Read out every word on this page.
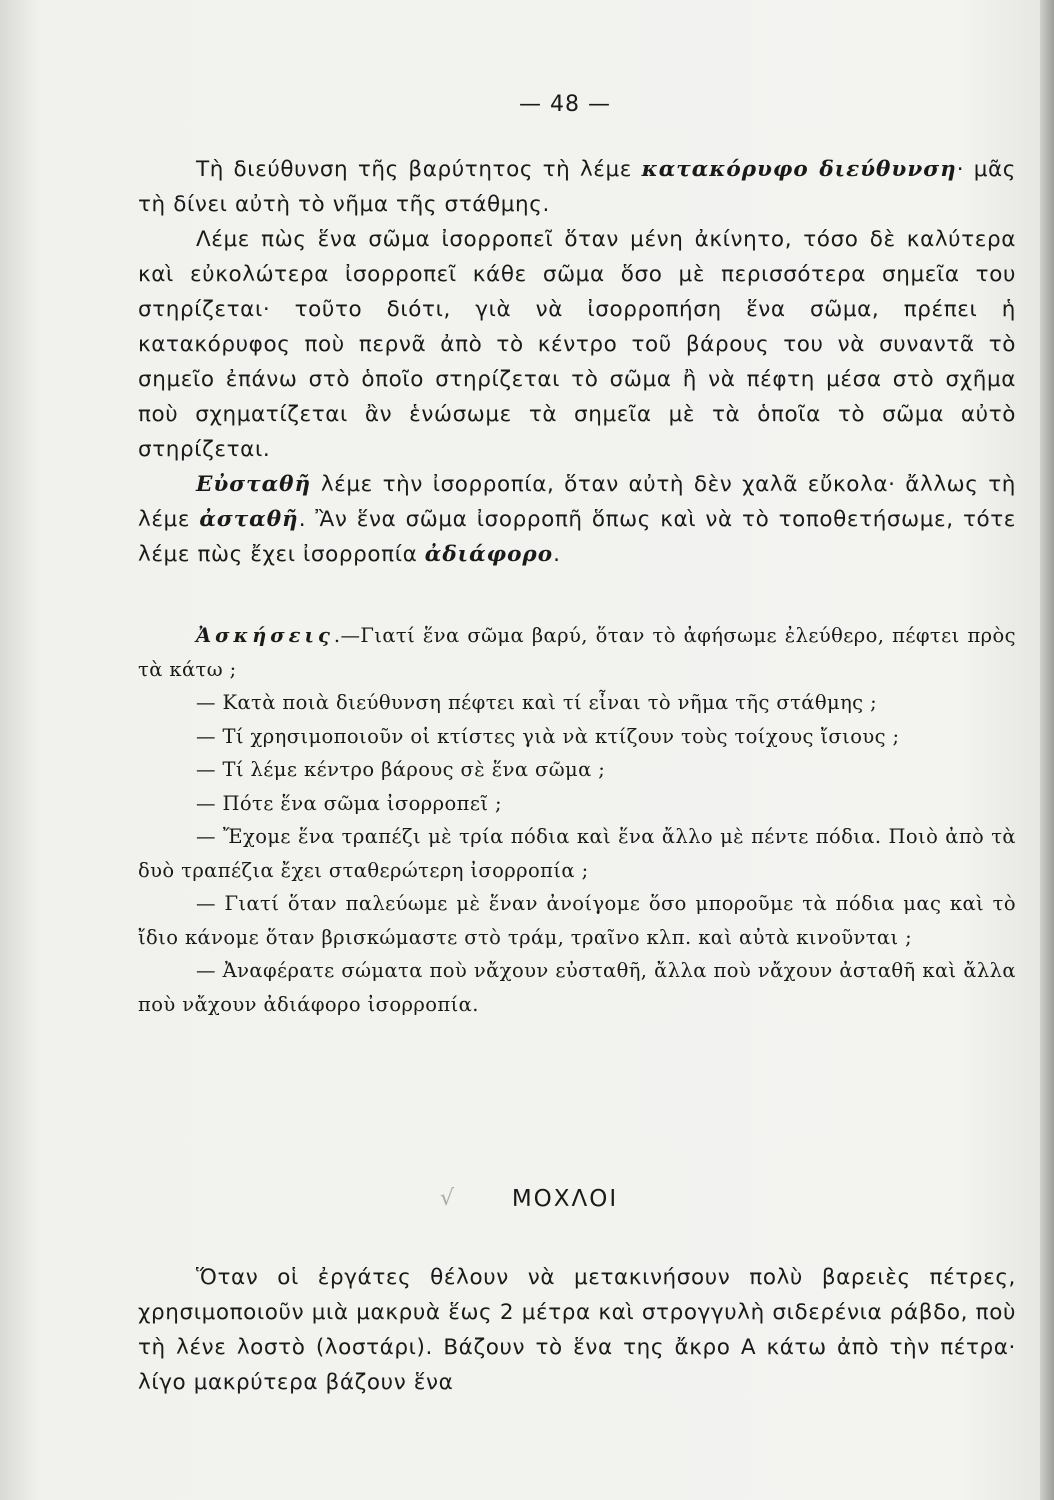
— 48 —

Τὴ διεύθυνση τῆς βαρύτητος τὴ λέμε κατακόρυφο διεύθυνση· μᾶς τὴ δίνει αὐτὴ τὸ νῆμα τῆς στάθμης.

Λέμε πὼς ἕνα σῶμα ἰσορροπεῖ ὅταν μένη ἀκίνητο, τόσο δὲ καλύτερα καὶ εὐκολώτερα ἰσορροπεῖ κάθε σῶμα ὅσο μὲ περισσότερα σημεῖα του στηρίζεται· τοῦτο διότι, γιὰ νὰ ἰσορροπήση ἕνα σῶμα, πρέπει ἡ κατακόρυφος ποὺ περνᾶ ἀπὸ τὸ κέντρο τοῦ βάρους του νὰ συναντᾶ τὸ σημεῖο ἐπάνω στὸ ὁποῖο στηρίζεται τὸ σῶμα ἢ νὰ πέφτη μέσα στὸ σχῆμα ποὺ σχηματίζεται ἂν ἑνώσωμε τὰ σημεῖα μὲ τὰ ὁποῖα τὸ σῶμα αὐτὸ στηρίζεται.

Εὐσταθῆ λέμε τὴν ἰσορροπία, ὅταν αὐτὴ δὲν χαλᾶ εὔκολα· ἄλλως τὴ λέμε ἀσταθῆ. Ἂν ἕνα σῶμα ἰσορροπῆ ὅπως καὶ νὰ τὸ τοποθετήσωμε, τότε λέμε πὼς ἔχει ἰσορροπία ἀδιάφορο.

Ἀσκήσεις.—Γιατί ἕνα σῶμα βαρύ, ὅταν τὸ ἀφήσωμε ἐλεύθερο, πέφτει πρὸς τὰ κάτω ;

— Κατὰ ποιὰ διεύθυνση πέφτει καὶ τί εἶναι τὸ νῆμα τῆς στάθμης ;

— Τί χρησιμοποιοῦν οἱ κτίστες γιὰ νὰ κτίζουν τοὺς τοίχους ἴσιους ;

— Τί λέμε κέντρο βάρους σὲ ἕνα σῶμα ;

— Πότε ἕνα σῶμα ἰσορροπεῖ ;

— Ἔχομε ἕνα τραπέζι μὲ τρία πόδια καὶ ἕνα ἄλλο μὲ πέντε πόδια. Ποιὸ ἀπὸ τὰ δυὸ τραπέζια ἔχει σταθερώτερη ἰσορροπία ;

— Γιατί ὅταν παλεύωμε μὲ ἕναν ἀνοίγομε ὅσο μποροῦμε τὰ πόδια μας καὶ τὸ ἴδιο κάνομε ὅταν βρισκώμαστε στὸ τράμ, τραῖνο κλπ. καὶ αὐτὰ κινοῦνται ;

— Ἀναφέρατε σώματα ποὺ νἄχουν εὐσταθῆ, ἄλλα ποὺ νἄχουν ἀσταθῆ καὶ ἄλλα ποὺ νἄχουν ἀδιάφορο ἰσορροπία.

√	ΜΟΧΛΟΙ

Ὅταν οἱ ἐργάτες θέλουν νὰ μετακινήσουν πολὺ βαρειὲς πέτρες, χρησιμοποιοῦν μιὰ μακρυὰ ἕως 2 μέτρα καὶ στρογγυλὴ σιδερένια ράβδο, ποὺ τὴ λένε λοστὸ (λοστάρι). Βάζουν τὸ ἕνα της ἄκρο Α κάτω ἀπὸ τὴν πέτρα· λίγο μακρύτερα βάζουν ἕνα
